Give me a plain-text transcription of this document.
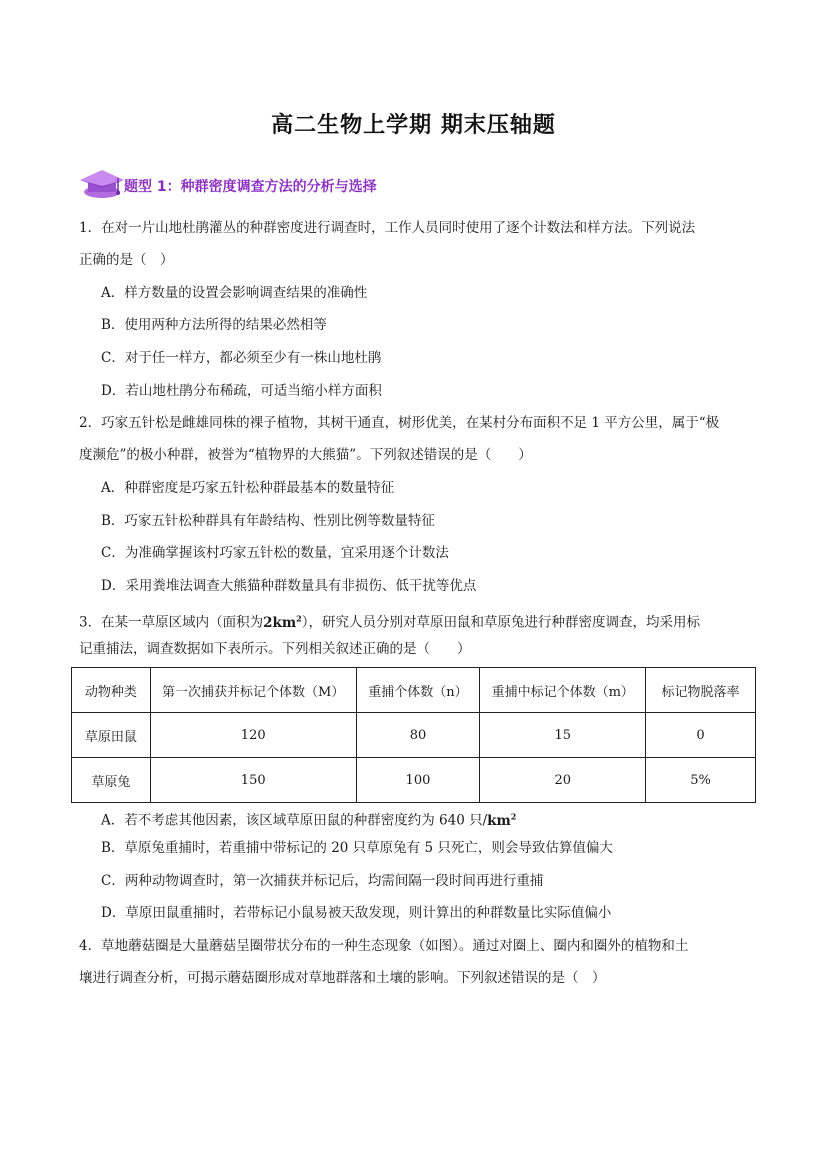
高二生物上学期 期末压轴题
题型 1：种群密度调查方法的分析与选择
1．在对一片山地杜鹃灌丛的种群密度进行调查时，工作人员同时使用了逐个计数法和样方法。下列说法
正确的是（　）
A．样方数量的设置会影响调查结果的准确性
B．使用两种方法所得的结果必然相等
C．对于任一样方，都必须至少有一株山地杜鹃
D．若山地杜鹃分布稀疏，可适当缩小样方面积
2．巧家五针松是雌雄同株的裸子植物，其树干通直，树形优美，在某村分布面积不足 1 平方公里，属于“极
度濒危”的极小种群，被誉为“植物界的大熊猫”。下列叙述错误的是（　　）
A．种群密度是巧家五针松种群最基本的数量特征
B．巧家五针松种群具有年龄结构、性别比例等数量特征
C．为准确掌握该村巧家五针松的数量，宜采用逐个计数法
D．采用粪堆法调查大熊猫种群数量具有非损伤、低干扰等优点
3．在某一草原区域内（面积为$2km^2$），研究人员分别对草原田鼠和草原兔进行种群密度调查，均采用标
记重捕法，调查数据如下表所示。下列相关叙述正确的是（　　）
动物种类	第一次捕获并标记个体数（M）	重捕个体数（n）	重捕中标记个体数（m）	标记物脱落率
草原田鼠	120	80	15	0
草原兔	150	100	20	5%
A．若不考虑其他因素，该区域草原田鼠的种群密度约为 640 只$/km^2$
B．草原兔重捕时，若重捕中带标记的 20 只草原兔有 5 只死亡，则会导致估算值偏大
C．两种动物调查时，第一次捕获并标记后，均需间隔一段时间再进行重捕
D．草原田鼠重捕时，若带标记小鼠易被天敌发现，则计算出的种群数量比实际值偏小
4．草地蘑菇圈是大量蘑菇呈圈带状分布的一种生态现象（如图）。通过对圈上、圈内和圈外的植物和土
壤进行调查分析，可揭示蘑菇圈形成对草地群落和土壤的影响。下列叙述错误的是（　）
